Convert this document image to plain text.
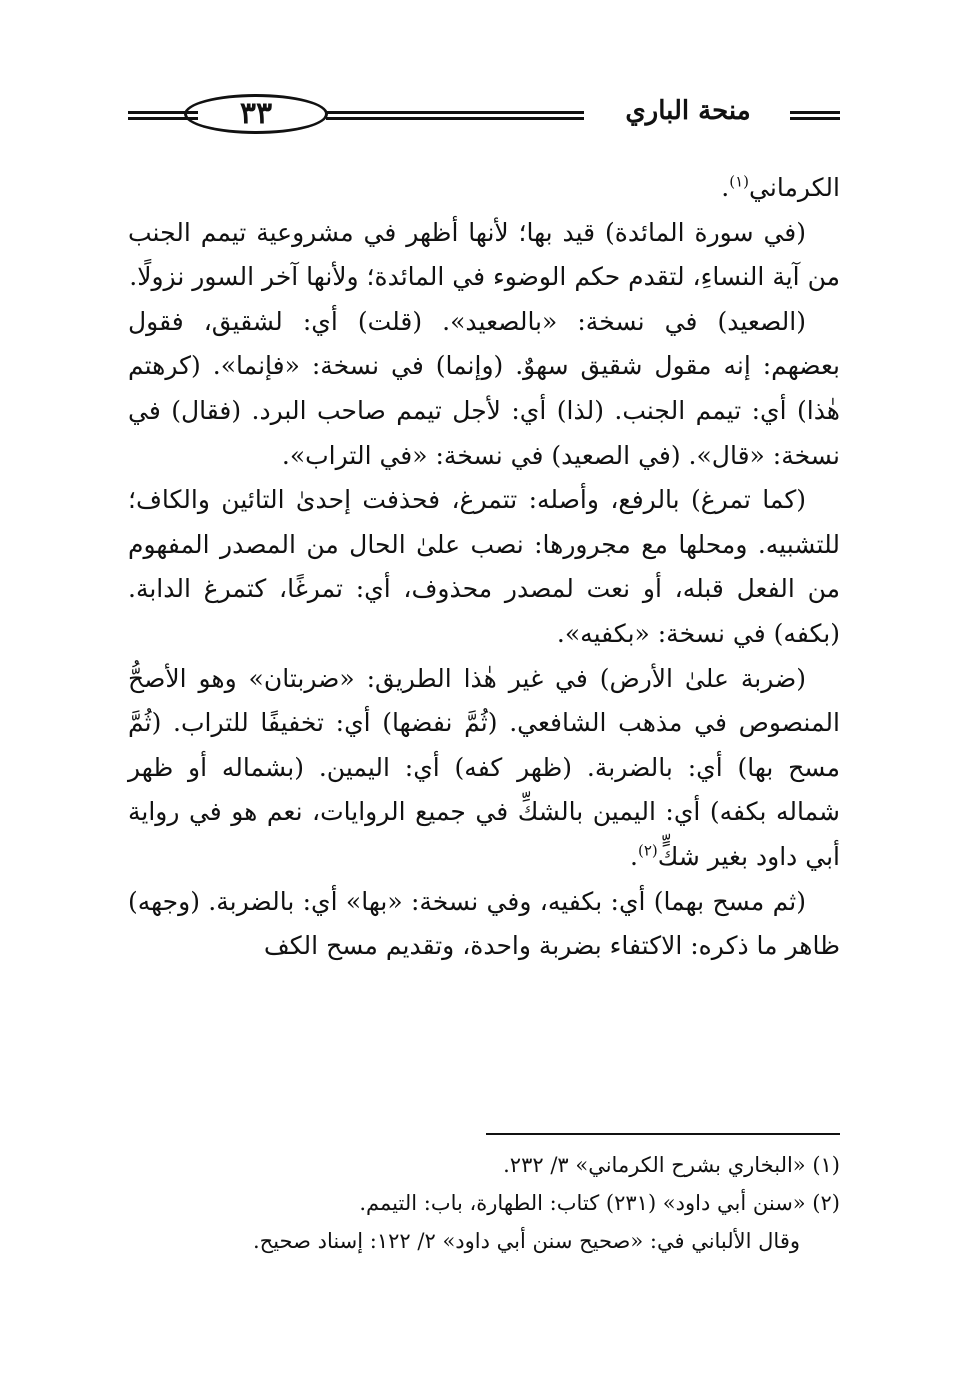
٣٣	منحة الباري

الكرماني$^{(١)}$.

(في سورة المائدة) قيد بها؛ لأنها أظهر في مشروعية تيمم الجنب من آية النساءِ، لتقدم حكم الوضوء في المائدة؛ ولأنها آخر السور نزولًا.

(الصعيد) في نسخة: «بالصعيد». (قلت) أي: لشقيق، فقول بعضهم: إنه مقول شقيق سهوٌ. (وإنما) في نسخة: «فإنما». (كرهتم هٰذا) أي: تيمم الجنب. (لذا) أي: لأجل تيمم صاحب البرد. (فقال) في نسخة: «قال». (في الصعيد) في نسخة: «في التراب».

(كما تمرغ) بالرفع، وأصله: تتمرغ، فحذفت إحدىٰ التائين والكاف؛ للتشبيه. ومحلها مع مجرورها: نصب علىٰ الحال من المصدر المفهوم من الفعل قبله، أو نعت لمصدر محذوف، أي: تمرغًا، كتمرغ الدابة. (بكفه) في نسخة: «بكفيه».

(ضربة علىٰ الأرض) في غير هٰذا الطريق: «ضربتان» وهو الأصحُّ المنصوص في مذهب الشافعي. (ثُمَّ نفضها) أي: تخفيفًا للتراب. (ثُمَّ مسح بها) أي: بالضربة. (ظهر كفه) أي: اليمين. (بشماله أو ظهر شماله بكفه) أي: اليمين بالشكِّ في جميع الروايات، نعم هو في رواية أبي داود بغير شكٍّ$^{(٢)}$.

(ثم مسح بهما) أي: بكفيه، وفي نسخة: «بها» أي: بالضربة. (وجهه) ظاهر ما ذكره: الاكتفاء بضربة واحدة، وتقديم مسح الكف

(١) «البخاري بشرح الكرماني» ٣/ ٢٣٢.

(٢) «سنن أبي داود» (٢٣١) كتاب: الطهارة، باب: التيمم.

وقال الألباني في: «صحيح سنن أبي داود» ٢/ ١٢٢: إسناد صحيح.
